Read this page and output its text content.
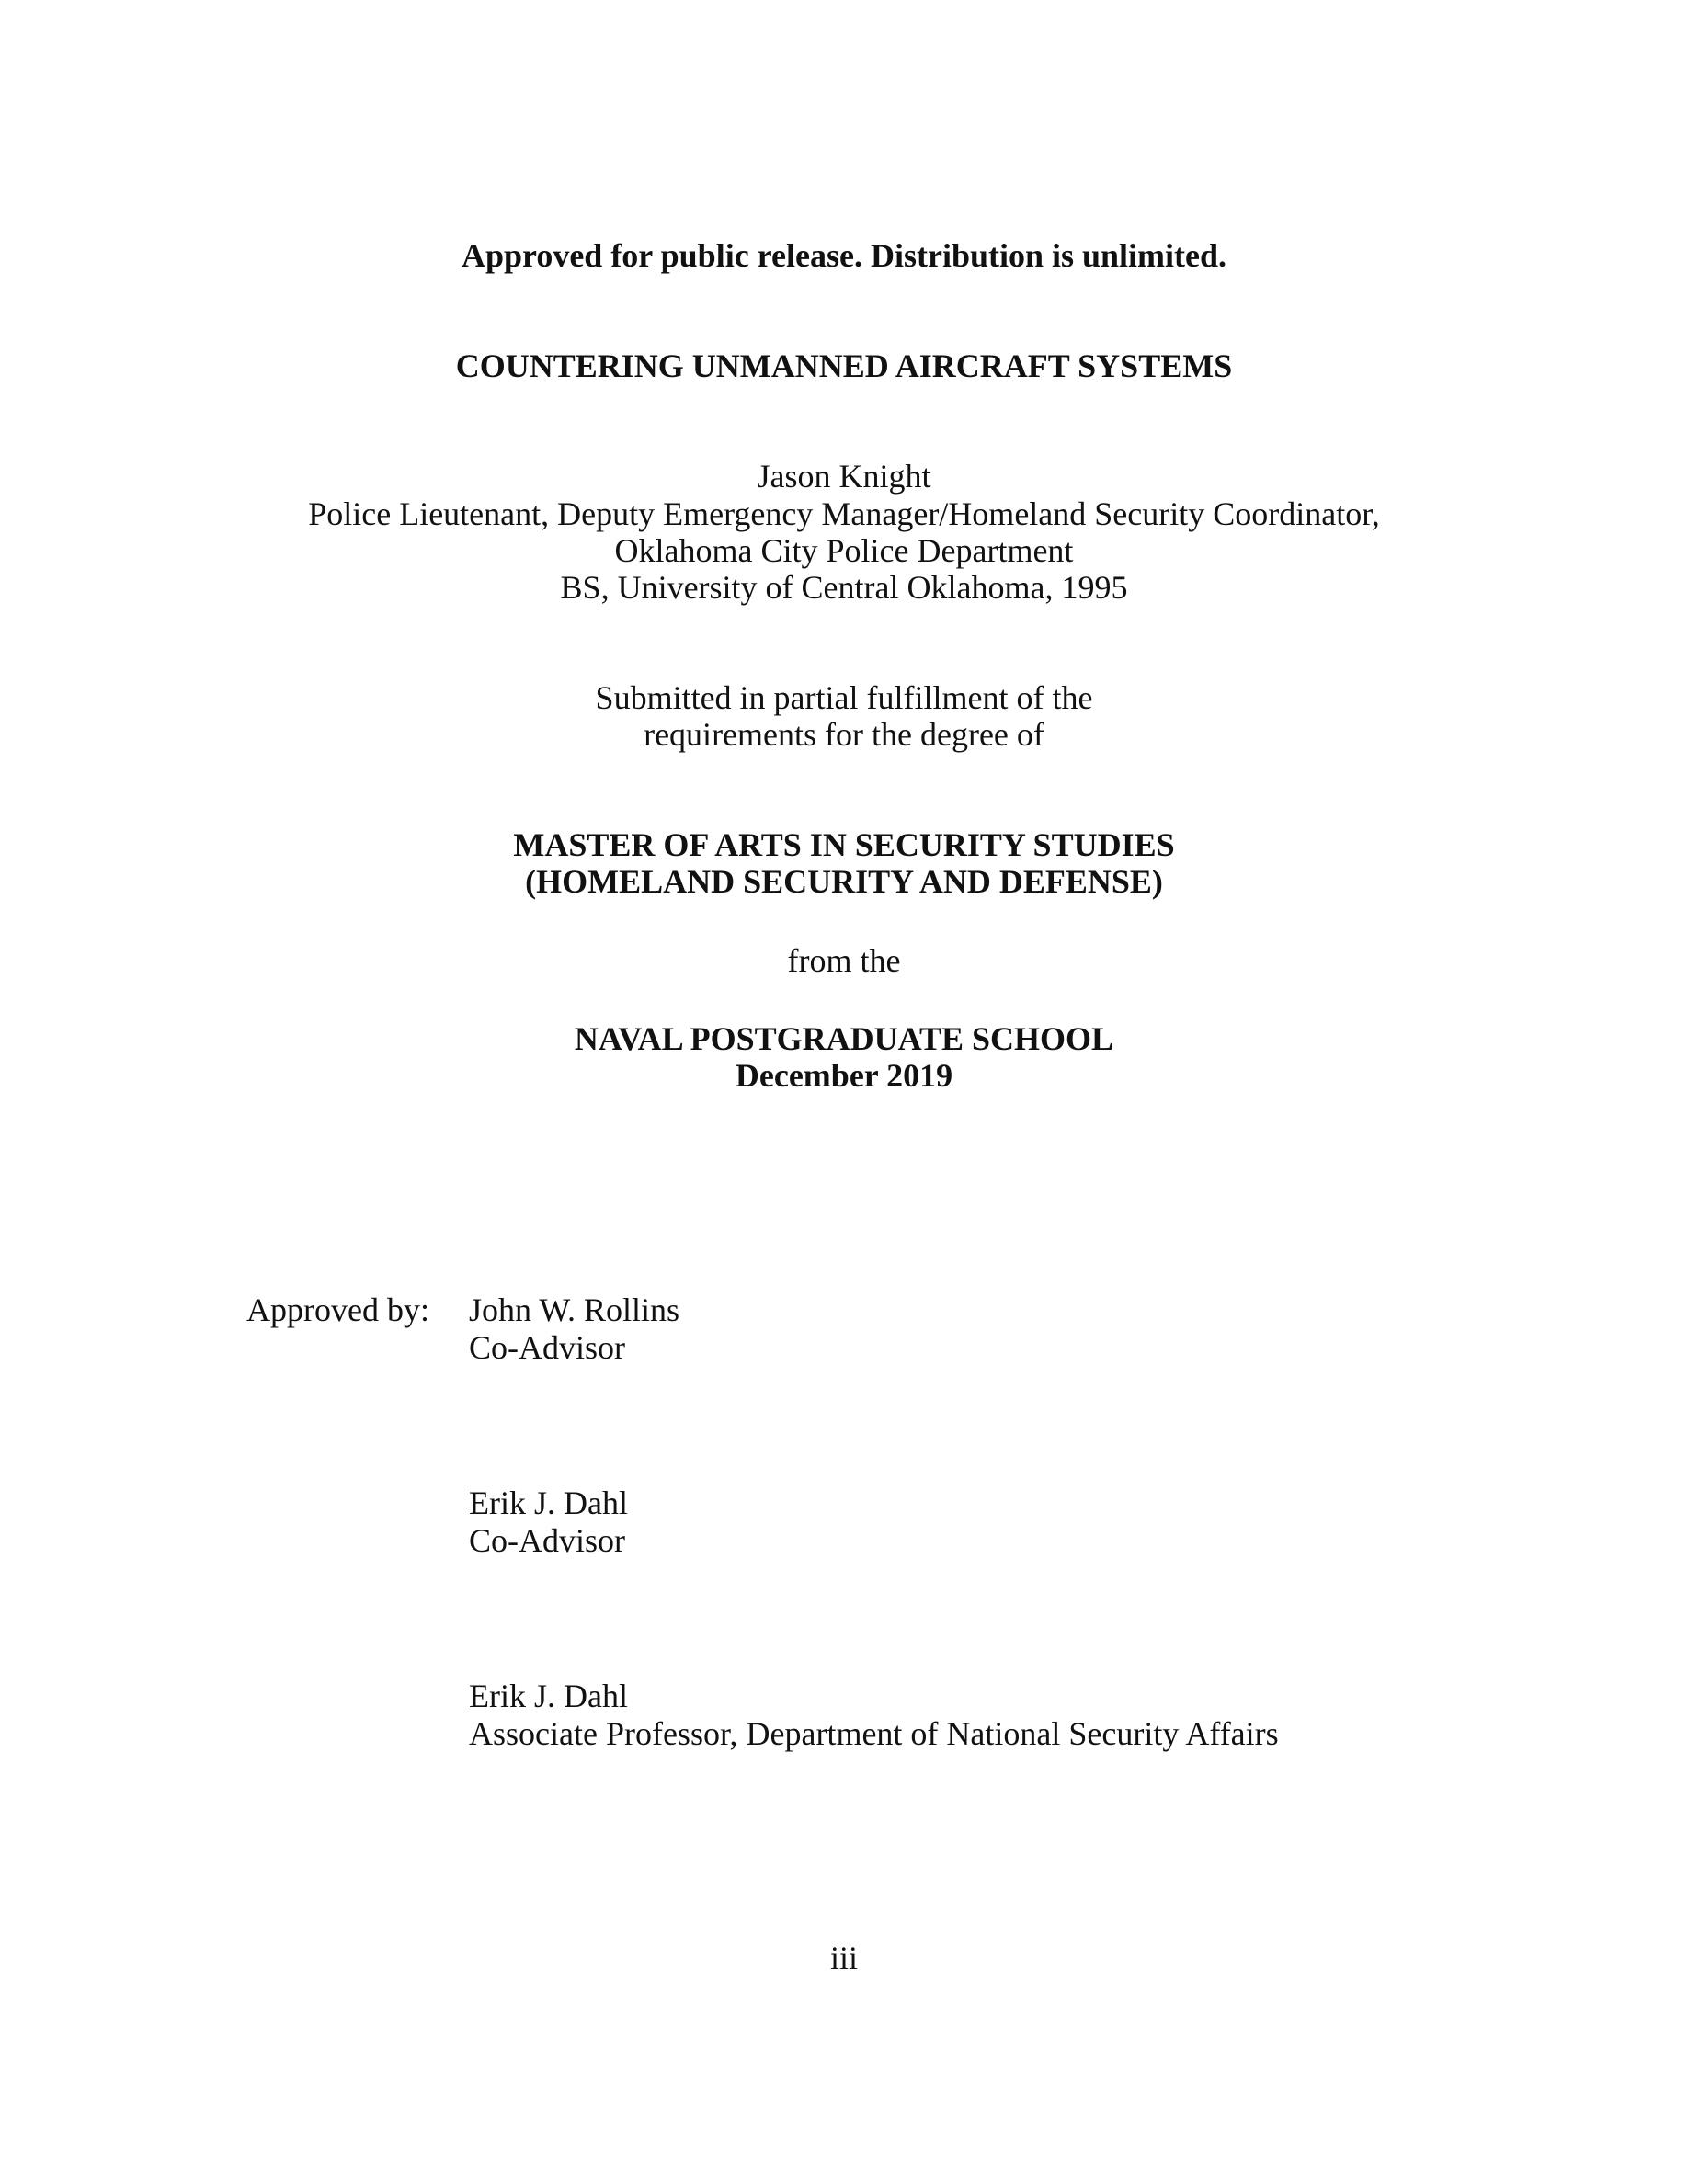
Approved for public release. Distribution is unlimited.
COUNTERING UNMANNED AIRCRAFT SYSTEMS
Jason Knight
Police Lieutenant, Deputy Emergency Manager/Homeland Security Coordinator,
Oklahoma City Police Department
BS, University of Central Oklahoma, 1995
Submitted in partial fulfillment of the
requirements for the degree of
MASTER OF ARTS IN SECURITY STUDIES
(HOMELAND SECURITY AND DEFENSE)
from the
NAVAL POSTGRADUATE SCHOOL
December 2019
Approved by: John W. Rollins
Co-Advisor
Erik J. Dahl
Co-Advisor
Erik J. Dahl
Associate Professor, Department of National Security Affairs
iii
